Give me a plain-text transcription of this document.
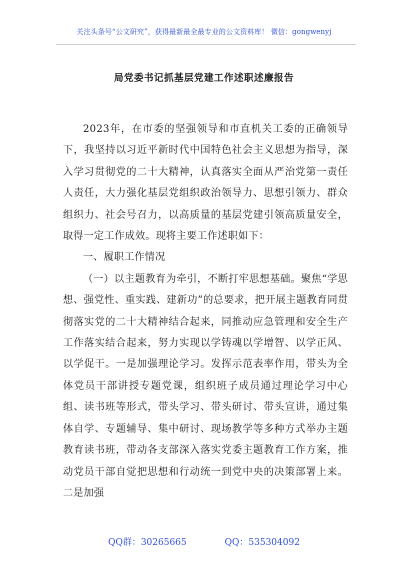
关注头条号“公文研究”，获得最新最全最专业的公文资料库！ 微信：gongwenyj
局党委书记抓基层党建工作述职述廉报告

2023年，在市委的坚强领导和市直机关工委的正确领导下，我坚持以习近平新时代中国特色社会主义思想为指导，深入学习贯彻党的二十大精神，认真落实全面从严治党第一责任人责任，大力强化基层党组织政治领导力、思想引领力、群众组织力、社会号召力，以高质量的基层党建引领高质量安全，取得一定工作成效。现将主要工作述职如下：

一、履职工作情况

（一）以主题教育为牵引，不断打牢思想基础。聚焦“学思想、强党性、重实践、建新功”的总要求，把开展主题教育同贯彻落实党的二十大精神结合起来，同推动应急管理和安全生产工作落实结合起来，努力实现以学铸魂以学增智、以学正风、以学促干。一是加强理论学习。发挥示范表率作用，带头为全体党员干部讲授专题党课，组织班子成员通过理论学习中心组、读书班等形式，带头学习、带头研讨、带头宣讲，通过集体自学、专题辅导、集中研讨、现场教学等多种方式举办主题教育读书班，带动各支部深入落实党委主题教育工作方案，推动党员干部自觉把思想和行动统一到党中央的决策部署上来。二是加强

QQ群：30265665	QQ：535304092
